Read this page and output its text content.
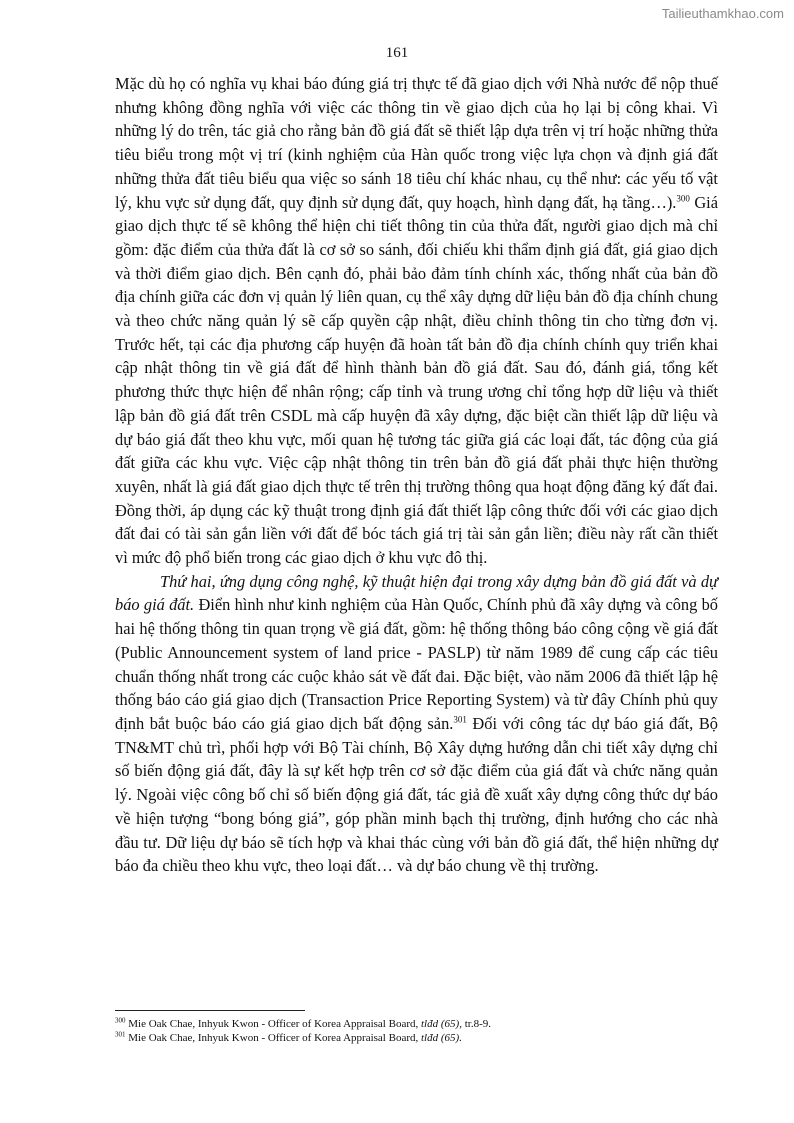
Tailieuthamkhao.com
161

Mặc dù họ có nghĩa vụ khai báo đúng giá trị thực tế đã giao dịch với Nhà nước để nộp thuế nhưng không đồng nghĩa với việc các thông tin về giao dịch của họ lại bị công khai. Vì những lý do trên, tác giả cho rằng bản đồ giá đất sẽ thiết lập dựa trên vị trí hoặc những thửa tiêu biểu trong một vị trí (kinh nghiệm của Hàn quốc trong việc lựa chọn và định giá đất những thửa đất tiêu biểu qua việc so sánh 18 tiêu chí khác nhau, cụ thể như: các yếu tố vật lý, khu vực sử dụng đất, quy định sử dụng đất, quy hoạch, hình dạng đất, hạ tầng…).$^{300}$ Giá giao dịch thực tế sẽ không thể hiện chi tiết thông tin của thửa đất, người giao dịch mà chỉ gồm: đặc điểm của thửa đất là cơ sở so sánh, đối chiếu khi thẩm định giá đất, giá giao dịch và thời điểm giao dịch. Bên cạnh đó, phải bảo đảm tính chính xác, thống nhất của bản đồ địa chính giữa các đơn vị quản lý liên quan, cụ thể xây dựng dữ liệu bản đồ địa chính chung và theo chức năng quản lý sẽ cấp quyền cập nhật, điều chỉnh thông tin cho từng đơn vị. Trước hết, tại các địa phương cấp huyện đã hoàn tất bản đồ địa chính chính quy triển khai cập nhật thông tin về giá đất để hình thành bản đồ giá đất. Sau đó, đánh giá, tổng kết phương thức thực hiện để nhân rộng; cấp tỉnh và trung ương chỉ tổng hợp dữ liệu và thiết lập bản đồ giá đất trên CSDL mà cấp huyện đã xây dựng, đặc biệt cần thiết lập dữ liệu và dự báo giá đất theo khu vực, mối quan hệ tương tác giữa giá các loại đất, tác động của giá đất giữa các khu vực. Việc cập nhật thông tin trên bản đồ giá đất phải thực hiện thường xuyên, nhất là giá đất giao dịch thực tế trên thị trường thông qua hoạt động đăng ký đất đai. Đồng thời, áp dụng các kỹ thuật trong định giá đất thiết lập công thức đối với các giao dịch đất đai có tài sản gắn liền với đất để bóc tách giá trị tài sản gắn liền; điều này rất cần thiết vì mức độ phổ biến trong các giao dịch ở khu vực đô thị.

Thứ hai, ứng dụng công nghệ, kỹ thuật hiện đại trong xây dựng bản đồ giá đất và dự báo giá đất. Điển hình như kinh nghiệm của Hàn Quốc, Chính phủ đã xây dựng và công bố hai hệ thống thông tin quan trọng về giá đất, gồm: hệ thống thông báo công cộng về giá đất (Public Announcement system of land price - PASLP) từ năm 1989 để cung cấp các tiêu chuẩn thống nhất trong các cuộc khảo sát về đất đai. Đặc biệt, vào năm 2006 đã thiết lập hệ thống báo cáo giá giao dịch (Transaction Price Reporting System) và từ đây Chính phủ quy định bắt buộc báo cáo giá giao dịch bất động sản.$^{301}$ Đối với công tác dự báo giá đất, Bộ TN&MT chủ trì, phối hợp với Bộ Tài chính, Bộ Xây dựng hướng dẫn chi tiết xây dựng chỉ số biến động giá đất, đây là sự kết hợp trên cơ sở đặc điểm của giá đất và chức năng quản lý. Ngoài việc công bố chỉ số biến động giá đất, tác giả đề xuất xây dựng công thức dự báo về hiện tượng “bong bóng giá”, góp phần minh bạch thị trường, định hướng cho các nhà đầu tư. Dữ liệu dự báo sẽ tích hợp và khai thác cùng với bản đồ giá đất, thể hiện những dự báo đa chiều theo khu vực, theo loại đất… và dự báo chung về thị trường.

$^{300}$ Mie Oak Chae, Inhyuk Kwon - Officer of Korea Appraisal Board, tlđd (65), tr.8-9.

$^{301}$ Mie Oak Chae, Inhyuk Kwon - Officer of Korea Appraisal Board, tlđd (65).
